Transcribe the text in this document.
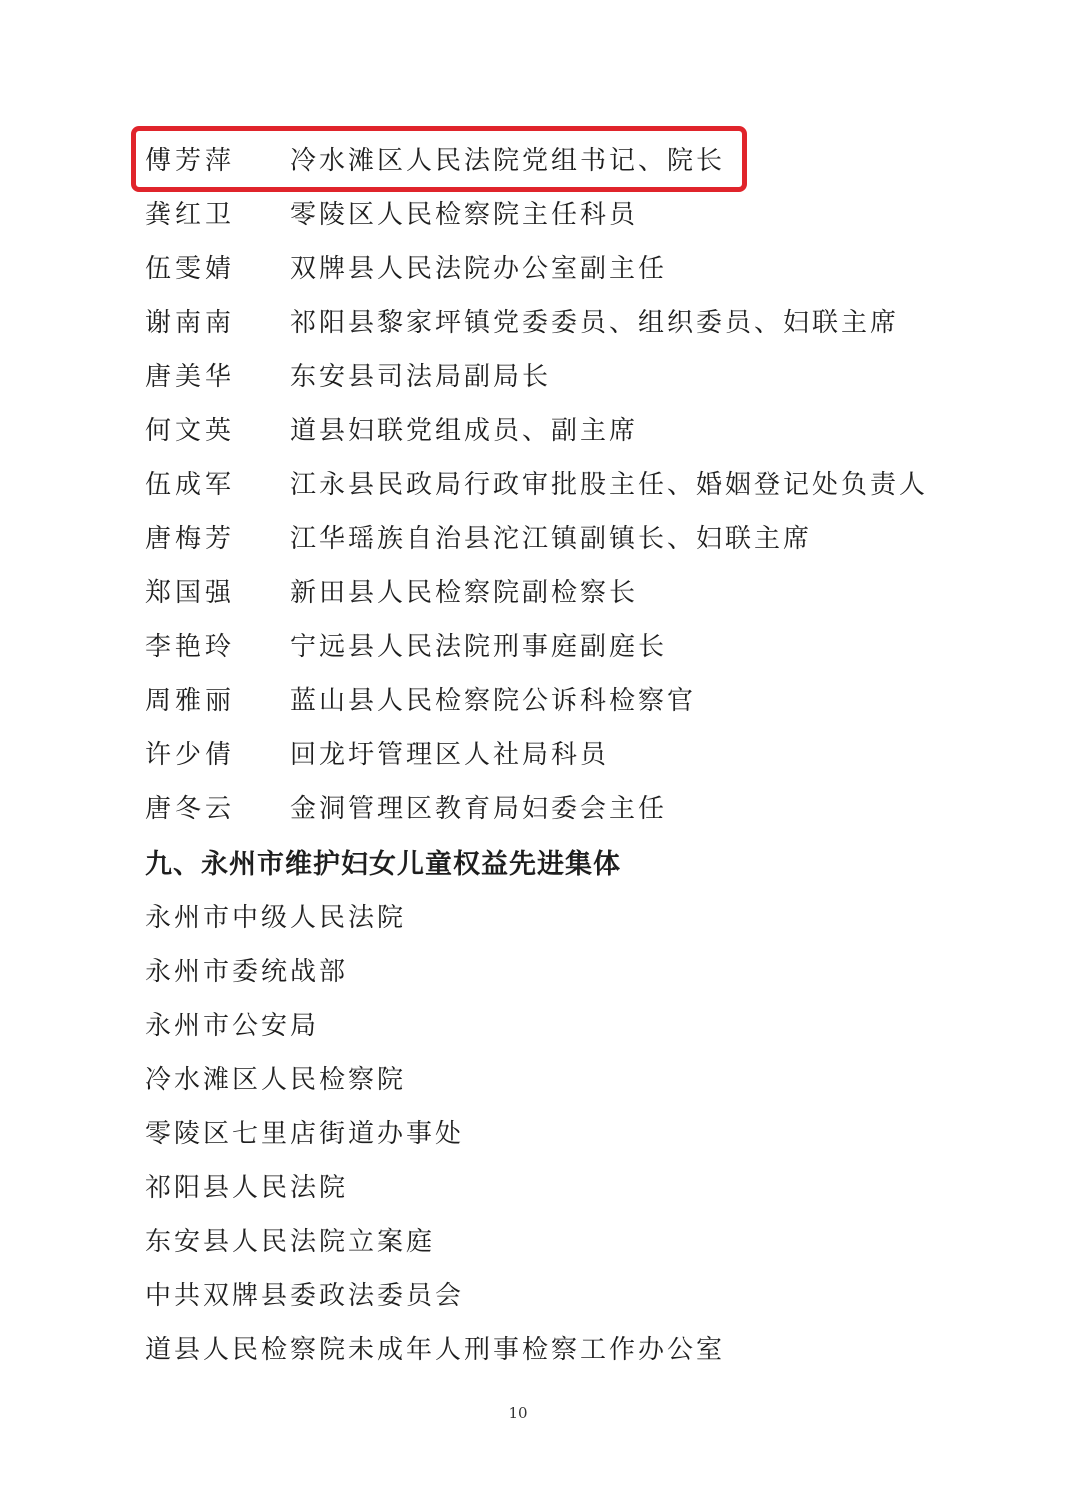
傅芳萍 冷水滩区人民法院党组书记、院长
龚红卫 零陵区人民检察院主任科员
伍雯婧 双牌县人民法院办公室副主任
谢南南 祁阳县黎家坪镇党委委员、组织委员、妇联主席
唐美华 东安县司法局副局长
何文英 道县妇联党组成员、副主席
伍成军 江永县民政局行政审批股主任、婚姻登记处负责人
唐梅芳 江华瑶族自治县沱江镇副镇长、妇联主席
郑国强 新田县人民检察院副检察长
李艳玲 宁远县人民法院刑事庭副庭长
周雅丽 蓝山县人民检察院公诉科检察官
许少倩 回龙圩管理区人社局科员
唐冬云 金洞管理区教育局妇委会主任
九、永州市维护妇女儿童权益先进集体
永州市中级人民法院
永州市委统战部
永州市公安局
冷水滩区人民检察院
零陵区七里店街道办事处
祁阳县人民法院
东安县人民法院立案庭
中共双牌县委政法委员会
道县人民检察院未成年人刑事检察工作办公室
10
